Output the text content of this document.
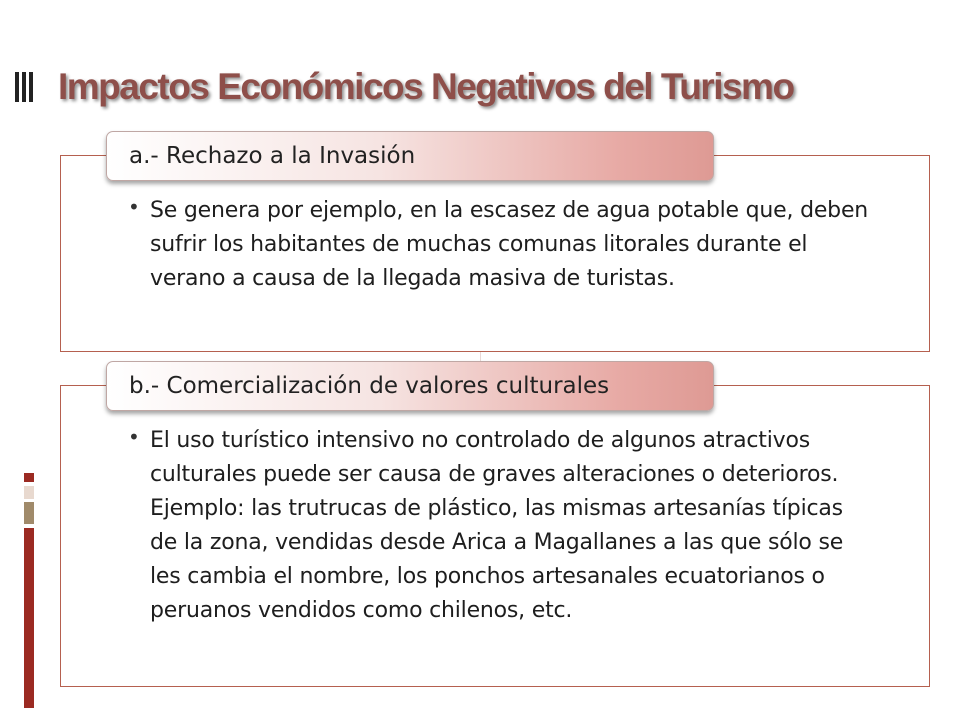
Impactos Económicos Negativos del Turismo
a.- Rechazo a la Invasión
• Se genera por ejemplo, en la escasez de agua potable que, deben sufrir los habitantes de muchas comunas litorales durante el verano a causa de la llegada masiva de turistas.
b.- Comercialización de valores culturales
• El uso turístico intensivo no controlado de algunos atractivos culturales puede ser causa de graves alteraciones o deterioros. Ejemplo: las trutrucas de plástico, las mismas artesanías típicas de la zona, vendidas desde Arica a Magallanes a las que sólo se les cambia el nombre, los ponchos artesanales ecuatorianos o peruanos vendidos como chilenos, etc.
